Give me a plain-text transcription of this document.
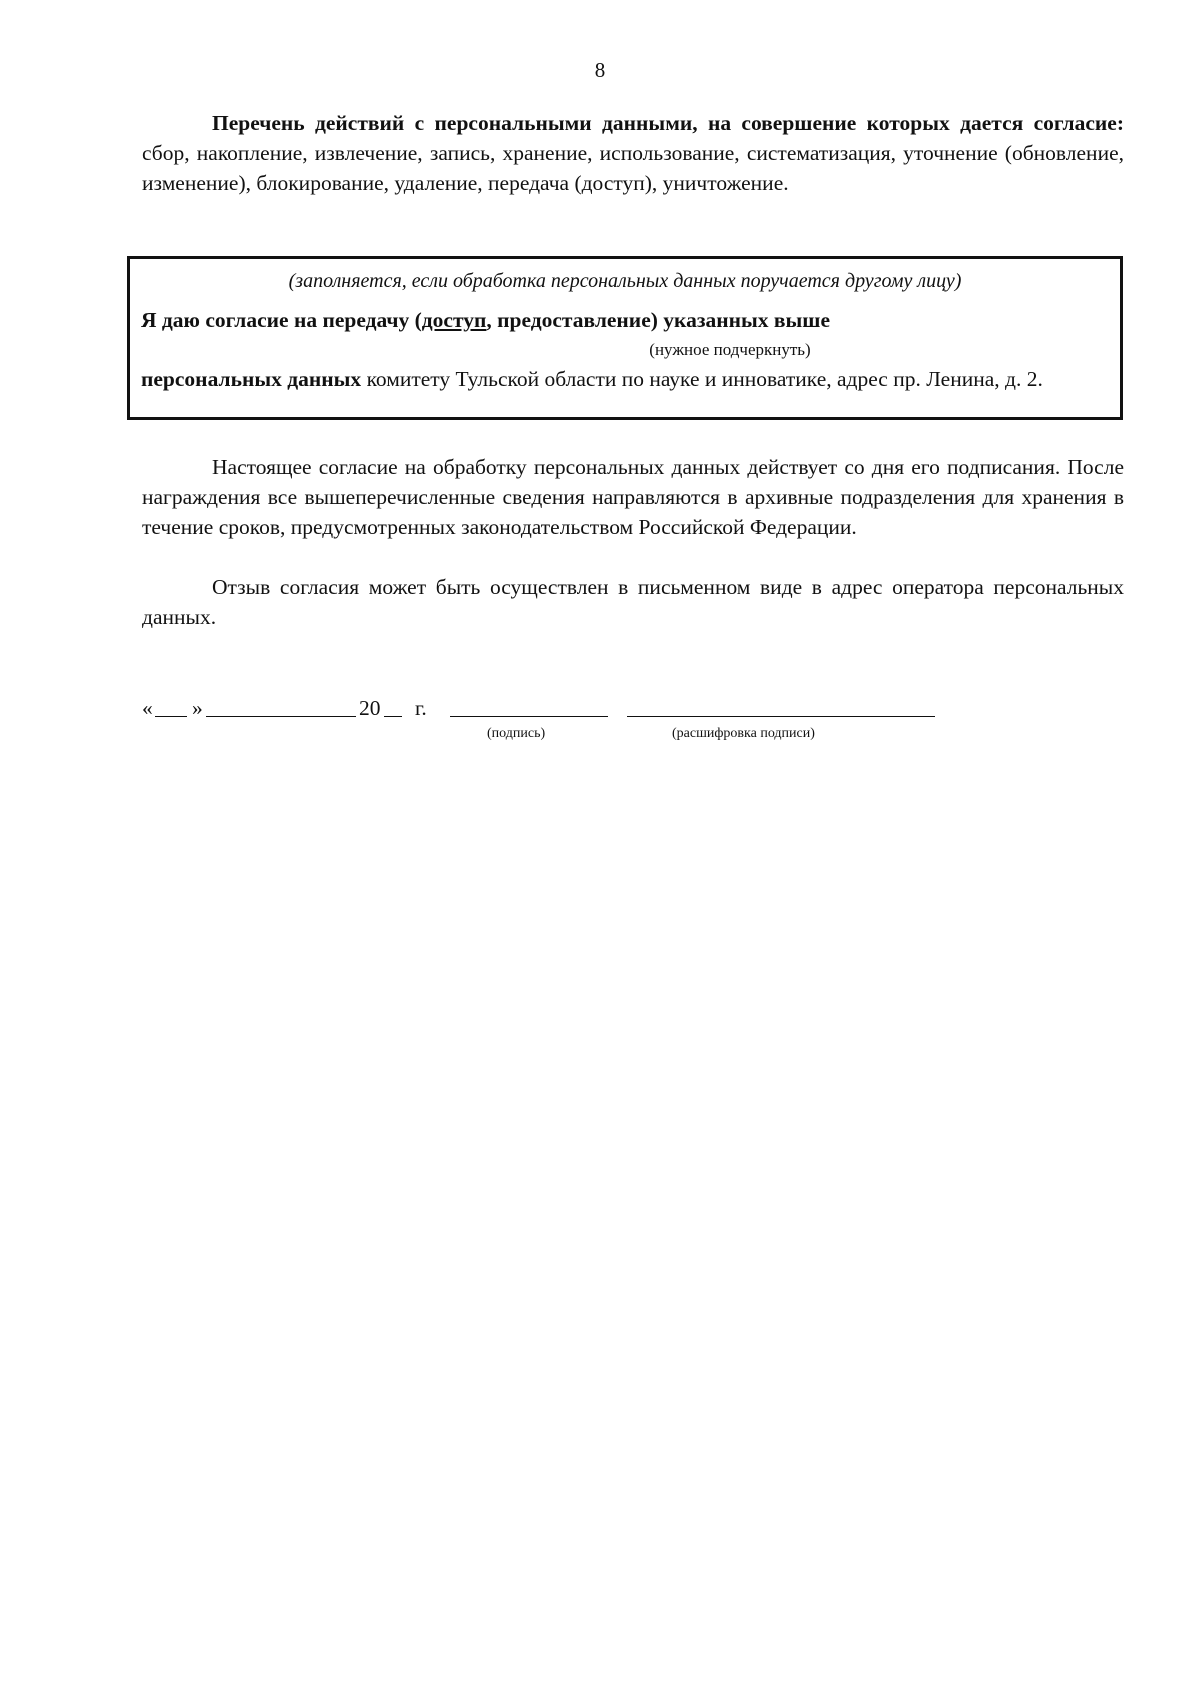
8

Перечень действий с персональными данными, на совершение которых дается согласие: сбор, накопление, извлечение, запись, хранение, использование, систематизация, уточнение (обновление, изменение), блокирование, удаление, передача (доступ), уничтожение.

(заполняется, если обработка персональных данных поручается другому лицу)
Я даю согласие на передачу (доступ, предоставление) указанных выше
(нужное подчеркнуть)
персональных данных комитету Тульской области по науке и инноватике, адрес пр. Ленина, д. 2.

Настоящее согласие на обработку персональных данных действует со дня его подписания. После награждения все вышеперечисленные сведения направляются в архивные подразделения для хранения в течение сроков, предусмотренных законодательством Российской Федерации.

Отзыв согласия может быть осуществлен в письменном виде в адрес оператора персональных данных.

« »	20 г.
(подпись)	(расшифровка подписи)
